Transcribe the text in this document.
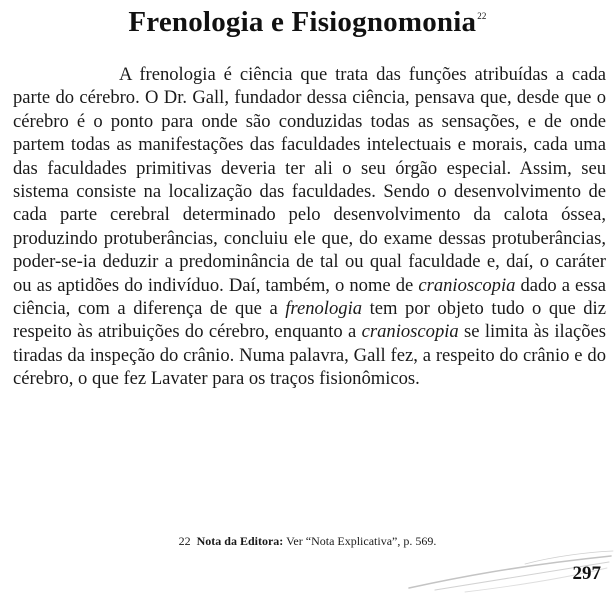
Frenologia e Fisiognomonia$^{22}$

A frenologia é ciência que trata das funções atribuídas a cada parte do cérebro. O Dr. Gall, fundador dessa ciência, pensava que, desde que o cérebro é o ponto para onde são conduzidas todas as sensações, e de onde partem todas as manifestações das faculdades intelectuais e morais, cada uma das faculdades primitivas deveria ter ali o seu órgão especial. Assim, seu sistema consiste na localização das faculdades. Sendo o desenvolvimento de cada parte cerebral determinado pelo desenvolvimento da calota óssea, produzindo protuberâncias, concluiu ele que, do exame dessas protuberâncias, poder-se-ia deduzir a predominância de tal ou qual faculdade e, daí, o caráter ou as aptidões do indivíduo. Daí, também, o nome de cranioscopia dado a essa ciência, com a diferença de que a frenologia tem por objeto tudo o que diz respeito às atribuições do cérebro, enquanto a cranioscopia se limita às ilações tiradas da inspeção do crânio. Numa palavra, Gall fez, a respeito do crânio e do cérebro, o que fez Lavater para os traços fisionômicos.

22 Nota da Editora: Ver “Nota Explicativa”, p. 569.

297
